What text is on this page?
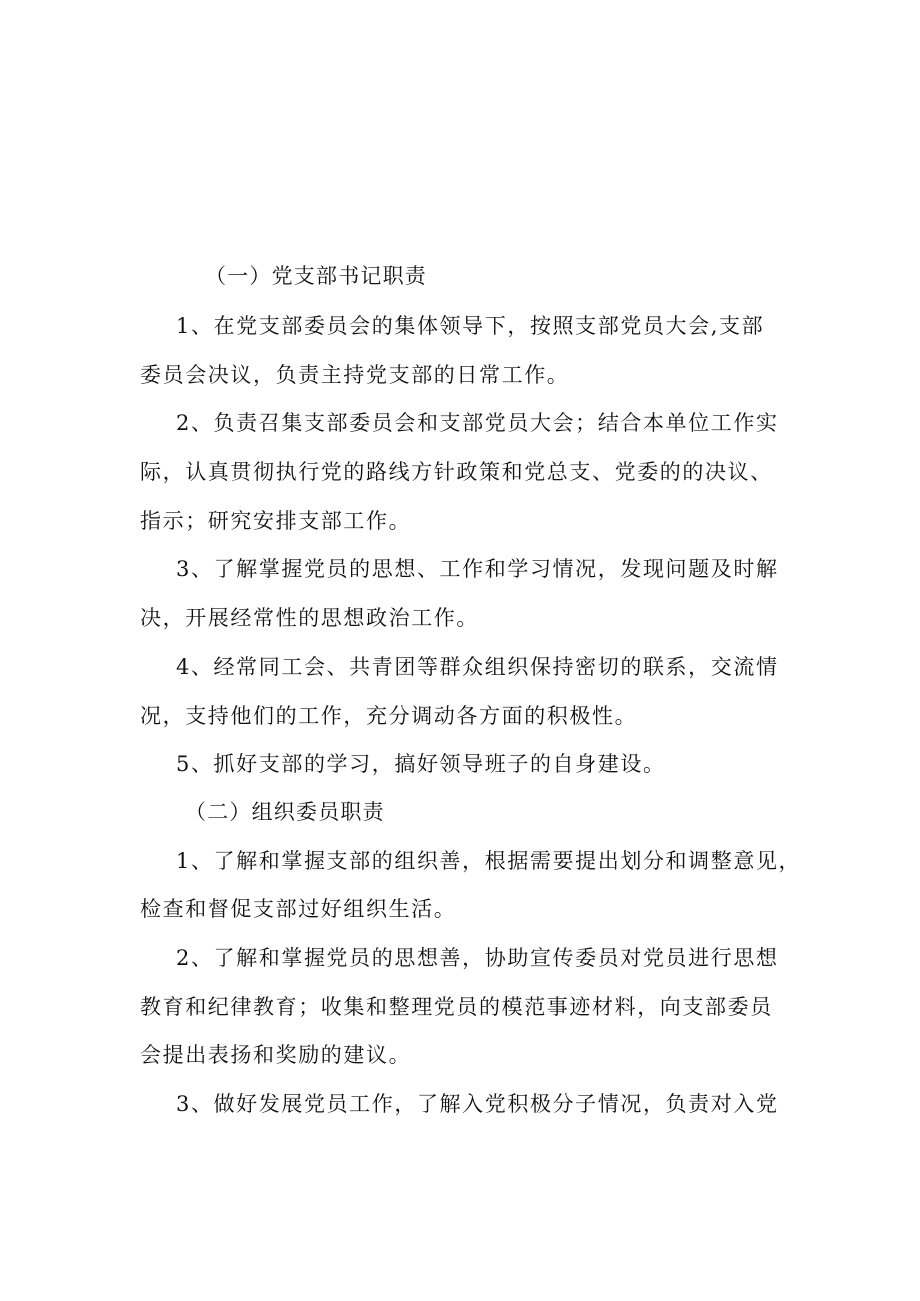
（一）党支部书记职责
1、在党支部委员会的集体领导下，按照支部党员大会,支部
委员会决议，负责主持党支部的日常工作。
2、负责召集支部委员会和支部党员大会；结合本单位工作实
际，认真贯彻执行党的路线方针政策和党总支、党委的的决议、
指示；研究安排支部工作。
3、了解掌握党员的思想、工作和学习情况，发现问题及时解
决，开展经常性的思想政治工作。
4、经常同工会、共青团等群众组织保持密切的联系，交流情
况，支持他们的工作，充分调动各方面的积极性。
5、抓好支部的学习，搞好领导班子的自身建设。
（二）组织委员职责
1、了解和掌握支部的组织善，根据需要提出划分和调整意见，
检查和督促支部过好组织生活。
2、了解和掌握党员的思想善，协助宣传委员对党员进行思想
教育和纪律教育；收集和整理党员的模范事迹材料，向支部委员
会提出表扬和奖励的建议。
3、做好发展党员工作，了解入党积极分子情况，负责对入党
